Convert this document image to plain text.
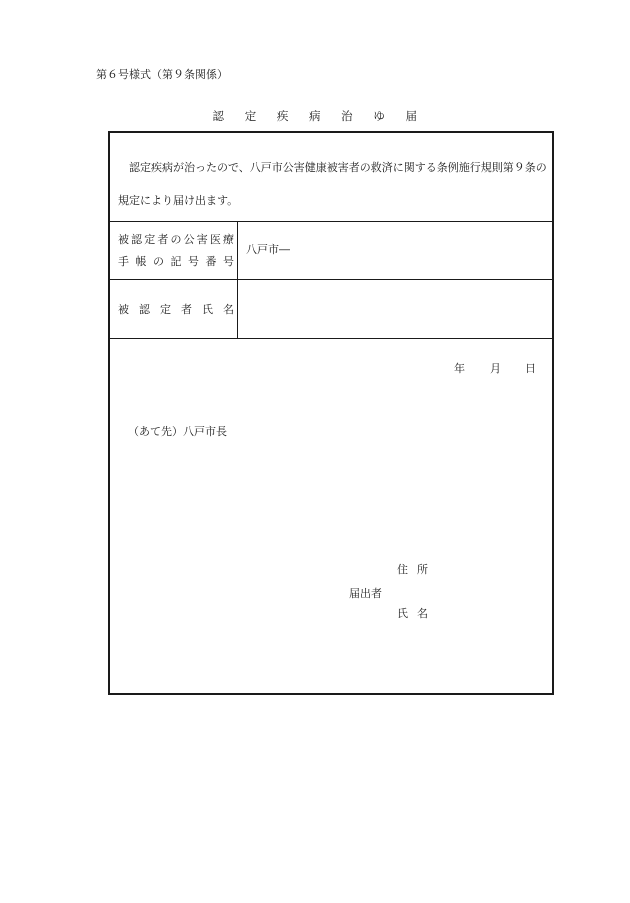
第６号様式（第９条関係）
認 定 疾 病 治 ゆ 届
認定疾病が治ったので、八戸市公害健康被害者の救済に関する条例施行規則第９条の規定により届け出ます。
被認定者の公害医療
手帳の記号番号
八戸市―
被認定者氏名
年 月 日
（あて先）八戸市長
住所
届出者
氏名
